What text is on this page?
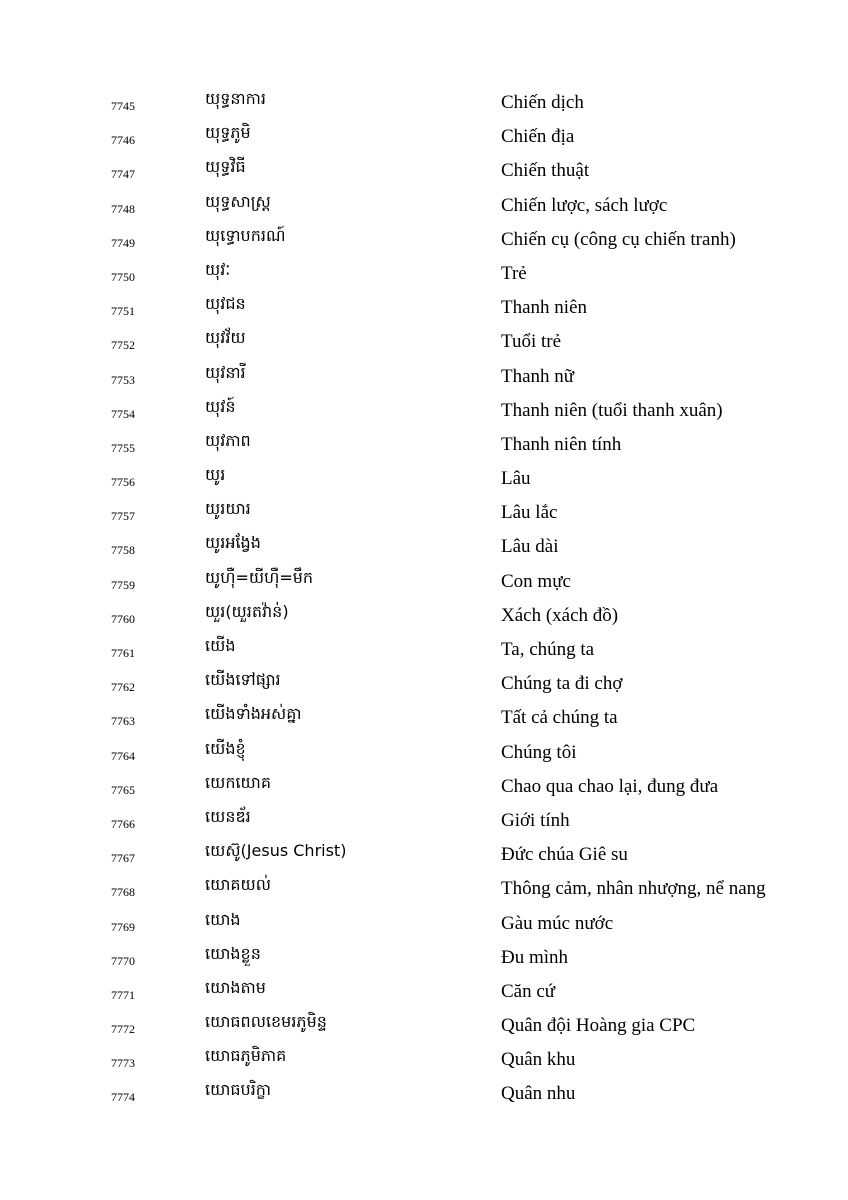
7745	យុទ្ធនាការ	Chiến dịch
7746	យុទ្ធភូមិ	Chiến địa
7747	យុទ្ធវិធី	Chiến thuật
7748	យុទ្ធសាស្ត្រ	Chiến lược, sách lược
7749	យុទ្ធោបករណ៍	Chiến cụ (công cụ chiến tranh)
7750	យុវៈ	Trẻ
7751	យុវជន	Thanh niên
7752	យុវវ័យ	Tuổi trẻ
7753	យុវនារី	Thanh nữ
7754	យុវន៍	Thanh niên (tuổi thanh xuân)
7755	យុវភាព	Thanh niên tính
7756	យូរ	Lâu
7757	យូរយារ	Lâu lắc
7758	យូរអង្វែង	Lâu dài
7759	យូហ៊ឺ=យីហ៊ឺ=មឹក	Con mực
7760	យួរ(យួរតវ៉ាន់)	Xách (xách đồ)
7761	យើង	Ta, chúng ta
7762	យើងទៅផ្សារ	Chúng ta đi chợ
7763	យើងទាំងអស់គ្នា	Tất cả chúng ta
7764	យើងខ្ញុំ	Chúng tôi
7765	យេកយោគ	Chao qua chao lại, đung đưa
7766	យេនឌ័រ	Giới tính
7767	យេស៊ូ(Jesus Christ)	Đức chúa Giê su
7768	យោគយល់	Thông cảm, nhân nhượng, nể nang
7769	យោង	Gàu múc nước
7770	យោងខ្លួន	Đu mình
7771	យោងតាម	Căn cứ
7772	យោធពលខេមរភូមិន្ទ	Quân đội Hoàng gia CPC
7773	យោធភូមិភាគ	Quân khu
7774	យោធបរិក្ខា	Quân nhu
